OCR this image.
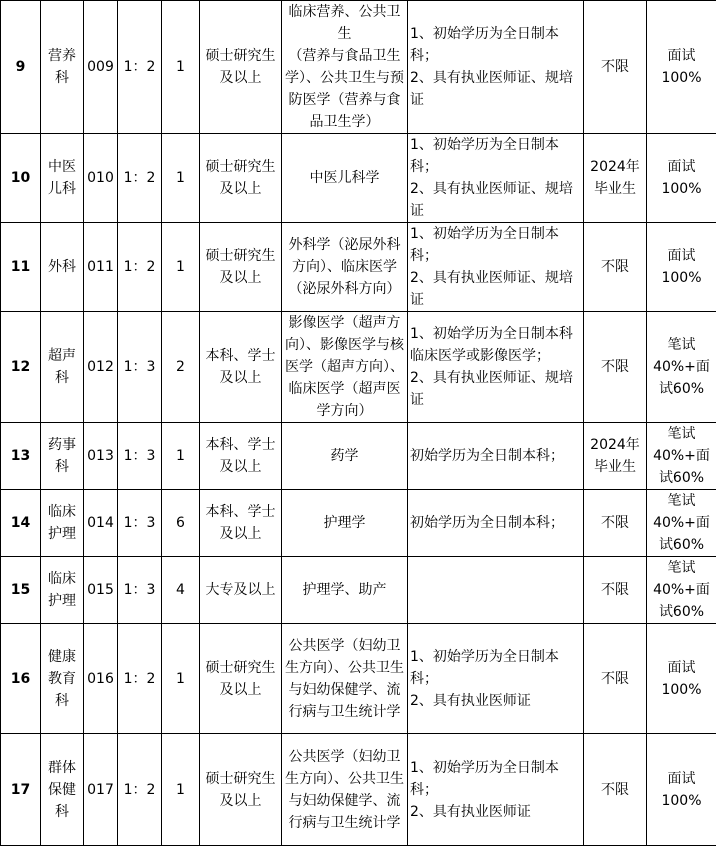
9	营养
科	009	1：2	1	硕士研究生
及以上	临床营养、公共卫生
（营养与食品卫生学）、公共卫生与预防医学（营养与食品卫生学）	1、初始学历为全日制本科；
2、具有执业医师证、规培证	不限	面试
100%
10	中医
儿科	010	1：2	1	硕士研究生
及以上	中医儿科学	1、初始学历为全日制本科；
2、具有执业医师证、规培证	2024年
毕业生	面试
100%
11	外科	011	1：2	1	硕士研究生
及以上	外科学（泌尿外科方向）、临床医学（泌尿外科方向）	1、初始学历为全日制本科；
2、具有执业医师证、规培证	不限	面试
100%
12	超声
科	012	1：3	2	本科、学士
及以上	影像医学（超声方向）、影像医学与核医学（超声方向）、临床医学（超声医学方向）	1、初始学历为全日制本科临床医学或影像医学；
2、具有执业医师证、规培证	不限	笔试
40%+面
试60%
13	药事
科	013	1：3	1	本科、学士
及以上	药学	初始学历为全日制本科；	2024年
毕业生	笔试
40%+面
试60%
14	临床
护理	014	1：3	6	本科、学士
及以上	护理学	初始学历为全日制本科；	不限	笔试
40%+面
试60%
15	临床
护理	015	1：3	4	大专及以上	护理学、助产		不限	笔试
40%+面
试60%
16	健康
教育
科	016	1：2	1	硕士研究生
及以上	公共医学（妇幼卫生方向）、公共卫生与妇幼保健学、流行病与卫生统计学	1、初始学历为全日制本科；
2、具有执业医师证	不限	面试
100%
17	群体
保健
科	017	1：2	1	硕士研究生
及以上	公共医学（妇幼卫生方向）、公共卫生与妇幼保健学、流行病与卫生统计学	1、初始学历为全日制本科；
2、具有执业医师证	不限	面试
100%
